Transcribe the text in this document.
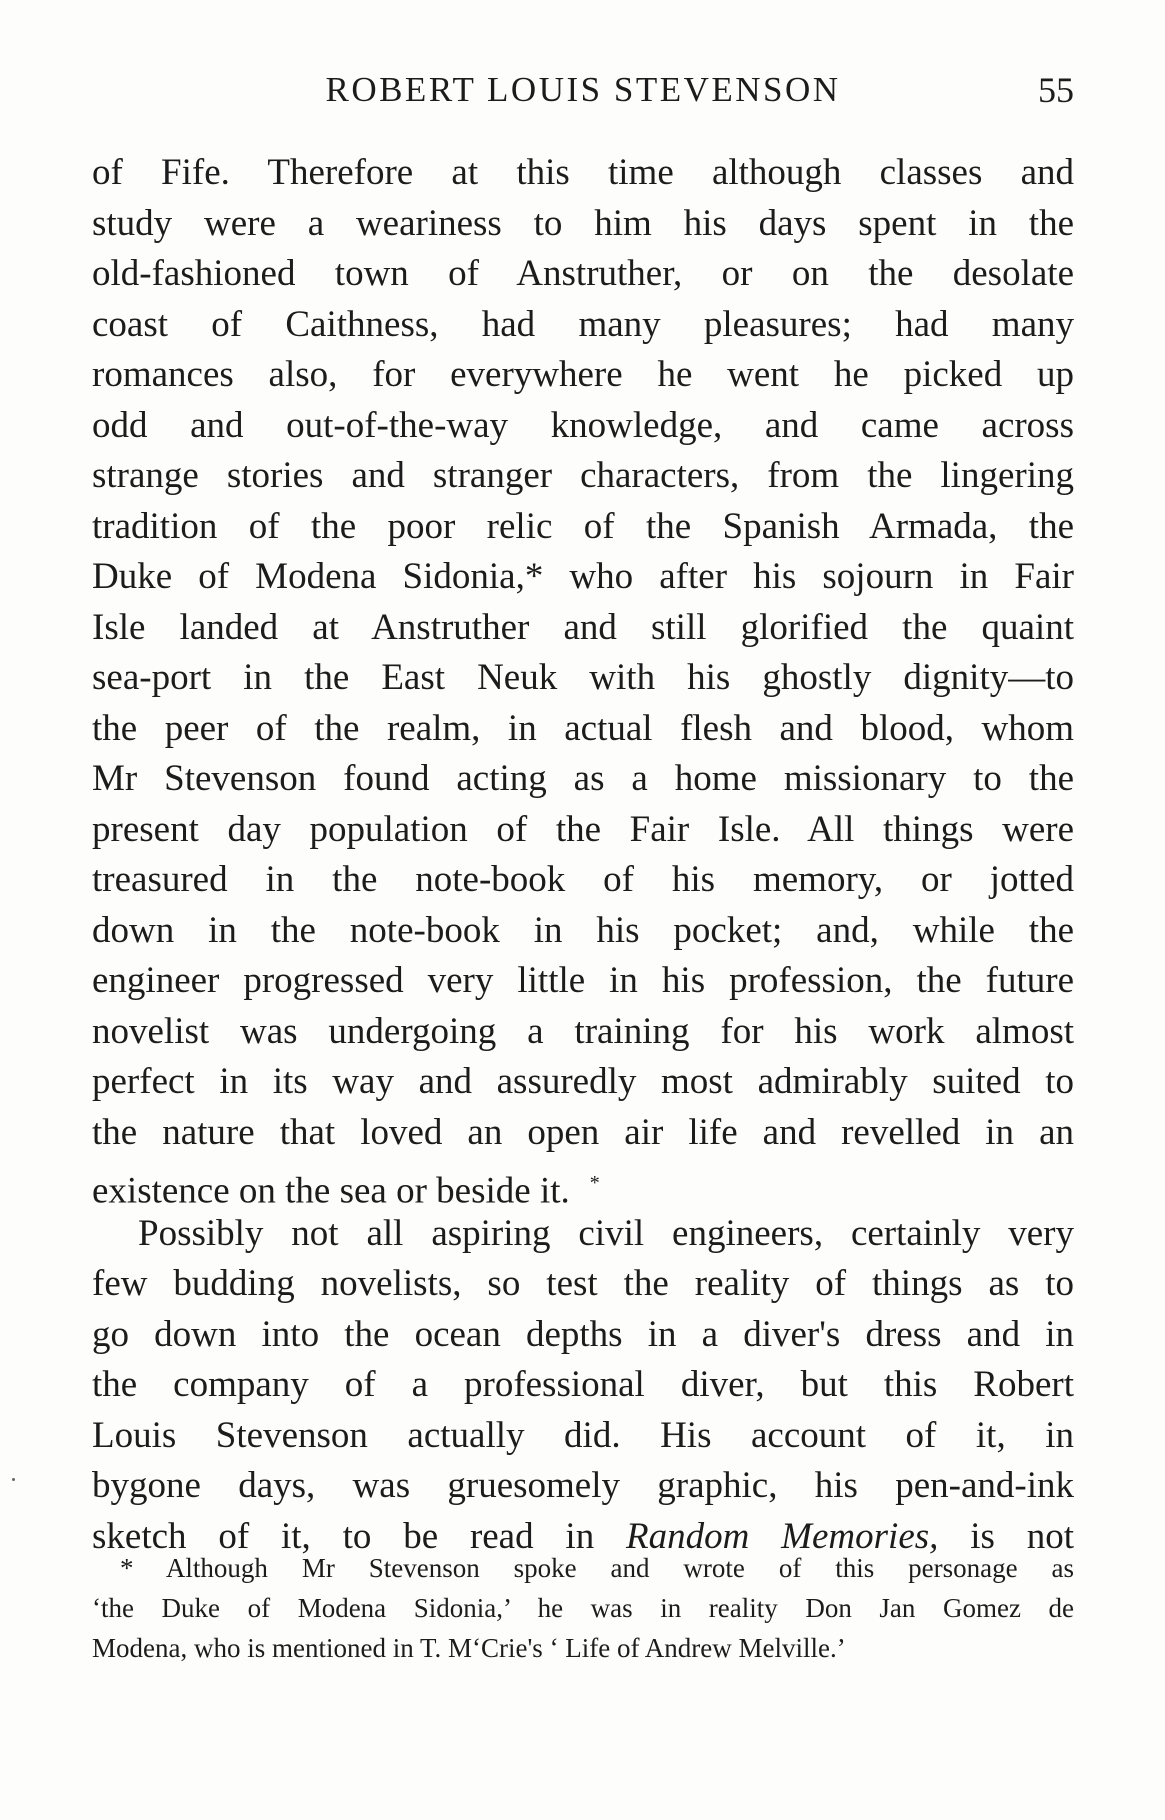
ROBERT LOUIS STEVENSON	55
of Fife. Therefore at this time although classes and
study were a weariness to him his days spent in the
old-fashioned town of Anstruther, or on the desolate
coast of Caithness, had many pleasures; had many
romances also, for everywhere he went he picked up
odd and out-of-the-way knowledge, and came across
strange stories and stranger characters, from the lingering
tradition of the poor relic of the Spanish Armada, the
Duke of Modena Sidonia,* who after his sojourn in Fair
Isle landed at Anstruther and still glorified the quaint
sea-port in the East Neuk with his ghostly dignity—to
the peer of the realm, in actual flesh and blood, whom
Mr Stevenson found acting as a home missionary to the
present day population of the Fair Isle. All things were
treasured in the note-book of his memory, or jotted
down in the note-book in his pocket; and, while the
engineer progressed very little in his profession, the future
novelist was undergoing a training for his work almost
perfect in its way and assuredly most admirably suited to
the nature that loved an open air life and revelled in an
existence on the sea or beside it. *
Possibly not all aspiring civil engineers, certainly very
few budding novelists, so test the reality of things as to
go down into the ocean depths in a diver's dress and in
the company of a professional diver, but this Robert
Louis Stevenson actually did. His account of it, in
bygone days, was gruesomely graphic, his pen-and-ink
sketch of it, to be read in Random Memories, is not
* Although Mr Stevenson spoke and wrote of this personage as
‘the Duke of Modena Sidonia,’ he was in reality Don Jan Gomez de
Modena, who is mentioned in T. M‘Crie's ‘ Life of Andrew Melville.’
